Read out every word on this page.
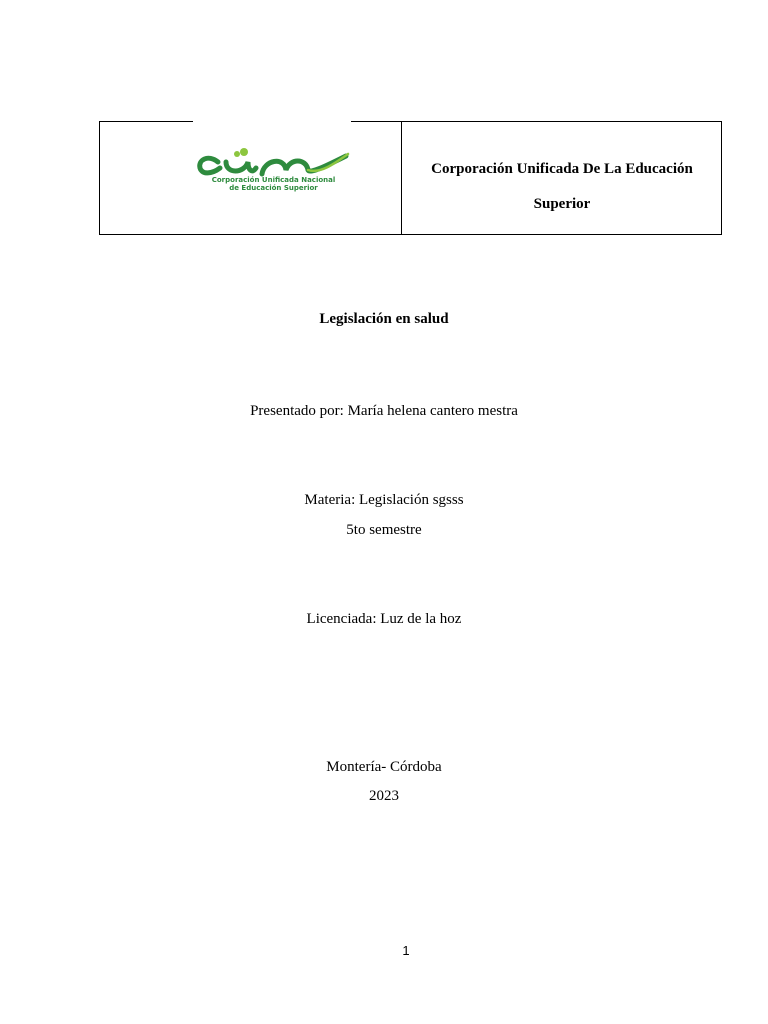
Corporación Unificada Nacional
de Educación Superior
Corporación Unificada De La Educación
Superior
Legislación en salud
Presentado por: María helena cantero mestra
Materia: Legislación sgsss
5to semestre
Licenciada: Luz de la hoz
Montería- Córdoba
2023
1
